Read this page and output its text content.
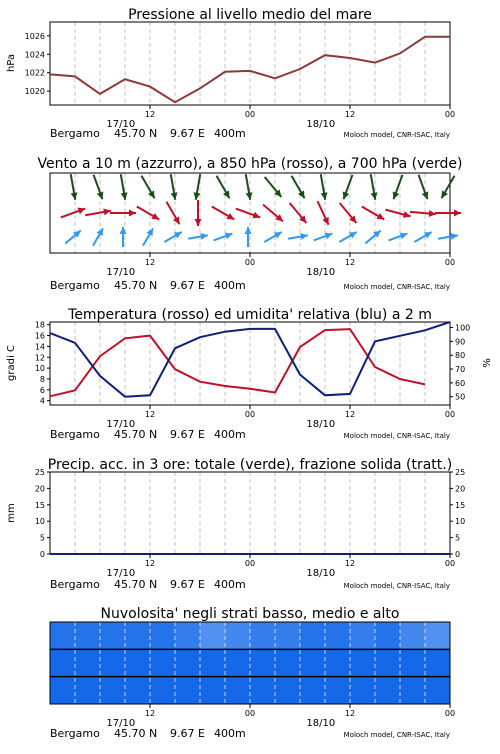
Pressione al livello medio del mare
1020
1022
1024
1026
hPa
12	00	12	00
17/10	18/10
Bergamo 45.70 N 9.67 E 400m	Moloch model, CNR-ISAC, Italy
Vento a 10 m (azzurro), a 850 hPa (rosso), a 700 hPa (verde)
12	00	12	00
17/10	18/10
Bergamo 45.70 N 9.67 E 400m	Moloch model, CNR-ISAC, Italy
Temperatura (rosso) ed umidita' relativa (blu) a 2 m
4
6
8
10
12
14
16
18
50
60
70
80
90
100
gradi C	%
12	00	12	00
17/10	18/10
Bergamo 45.70 N 9.67 E 400m	Moloch model, CNR-ISAC, Italy
Precip. acc. in 3 ore: totale (verde), frazione solida (tratt.)
0	0
5	5
10	10
15	15
20	20
25	25
mm
12	00	12	00
17/10	18/10
Bergamo 45.70 N 9.67 E 400m	Moloch model, CNR-ISAC, Italy
Nuvolosita' negli strati basso, medio e alto
12	00	12	00
17/10	18/10
Bergamo 45.70 N 9.67 E 400m	Moloch model, CNR-ISAC, Italy
